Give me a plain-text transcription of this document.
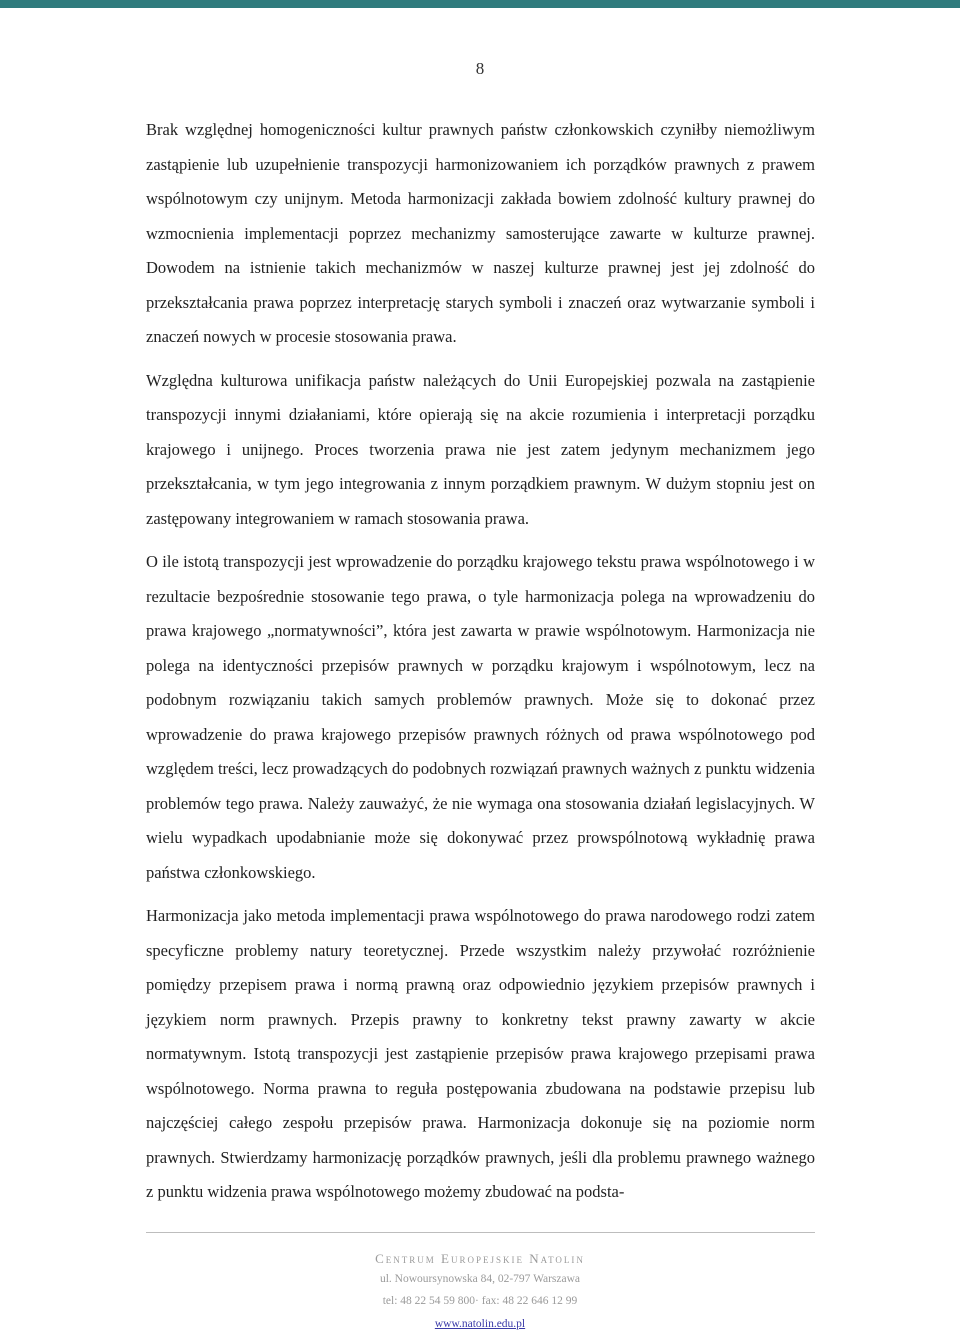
8

Brak względnej homogeniczności kultur prawnych państw członkowskich czyniłby niemożliwym zastąpienie lub uzupełnienie transpozycji harmonizowaniem ich porządków prawnych z prawem wspólnotowym czy unijnym. Metoda harmonizacji zakłada bowiem zdolność kultury prawnej do wzmocnienia implementacji poprzez mechanizmy samosterujące zawarte w kulturze prawnej. Dowodem na istnienie takich mechanizmów w naszej kulturze prawnej jest jej zdolność do przekształcania prawa poprzez interpretację starych symboli i znaczeń oraz wytwarzanie symboli i znaczeń nowych w procesie stosowania prawa.

Względna kulturowa unifikacja państw należących do Unii Europejskiej pozwala na zastąpienie transpozycji innymi działaniami, które opierają się na akcie rozumienia i interpretacji porządku krajowego i unijnego. Proces tworzenia prawa nie jest zatem jedynym mechanizmem jego przekształcania, w tym jego integrowania z innym porządkiem prawnym. W dużym stopniu jest on zastępowany integrowaniem w ramach stosowania prawa.

O ile istotą transpozycji jest wprowadzenie do porządku krajowego tekstu prawa wspólnotowego i w rezultacie bezpośrednie stosowanie tego prawa, o tyle harmonizacja polega na wprowadzeniu do prawa krajowego „normatywności”, która jest zawarta w prawie wspólnotowym. Harmonizacja nie polega na identyczności przepisów prawnych w porządku krajowym i wspólnotowym, lecz na podobnym rozwiązaniu takich samych problemów prawnych. Może się to dokonać przez wprowadzenie do prawa krajowego przepisów prawnych różnych od prawa wspólnotowego pod względem treści, lecz prowadzących do podobnych rozwiązań prawnych ważnych z punktu widzenia problemów tego prawa. Należy zauważyć, że nie wymaga ona stosowania działań legislacyjnych. W wielu wypadkach upodabnianie może się dokonywać przez prowspólnotową wykładnię prawa państwa członkowskiego.

Harmonizacja jako metoda implementacji prawa wspólnotowego do prawa narodowego rodzi zatem specyficzne problemy natury teoretycznej. Przede wszystkim należy przywołać rozróżnienie pomiędzy przepisem prawa i normą prawną oraz odpowiednio językiem przepisów prawnych i językiem norm prawnych. Przepis prawny to konkretny tekst prawny zawarty w akcie normatywnym. Istotą transpozycji jest zastąpienie przepisów prawa krajowego przepisami prawa wspólnotowego. Norma prawna to reguła postępowania zbudowana na podstawie przepisu lub najczęściej całego zespołu przepisów prawa. Harmonizacja dokonuje się na poziomie norm prawnych. Stwierdzamy harmonizację porządków prawnych, jeśli dla problemu prawnego ważnego z punktu widzenia prawa wspólnotowego możemy zbudować na podsta-

Centrum Europejskie Natolin
ul. Nowoursynowska 84, 02-797 Warszawa
tel: 48 22 54 59 800· fax: 48 22 646 12 99
www.natolin.edu.pl
